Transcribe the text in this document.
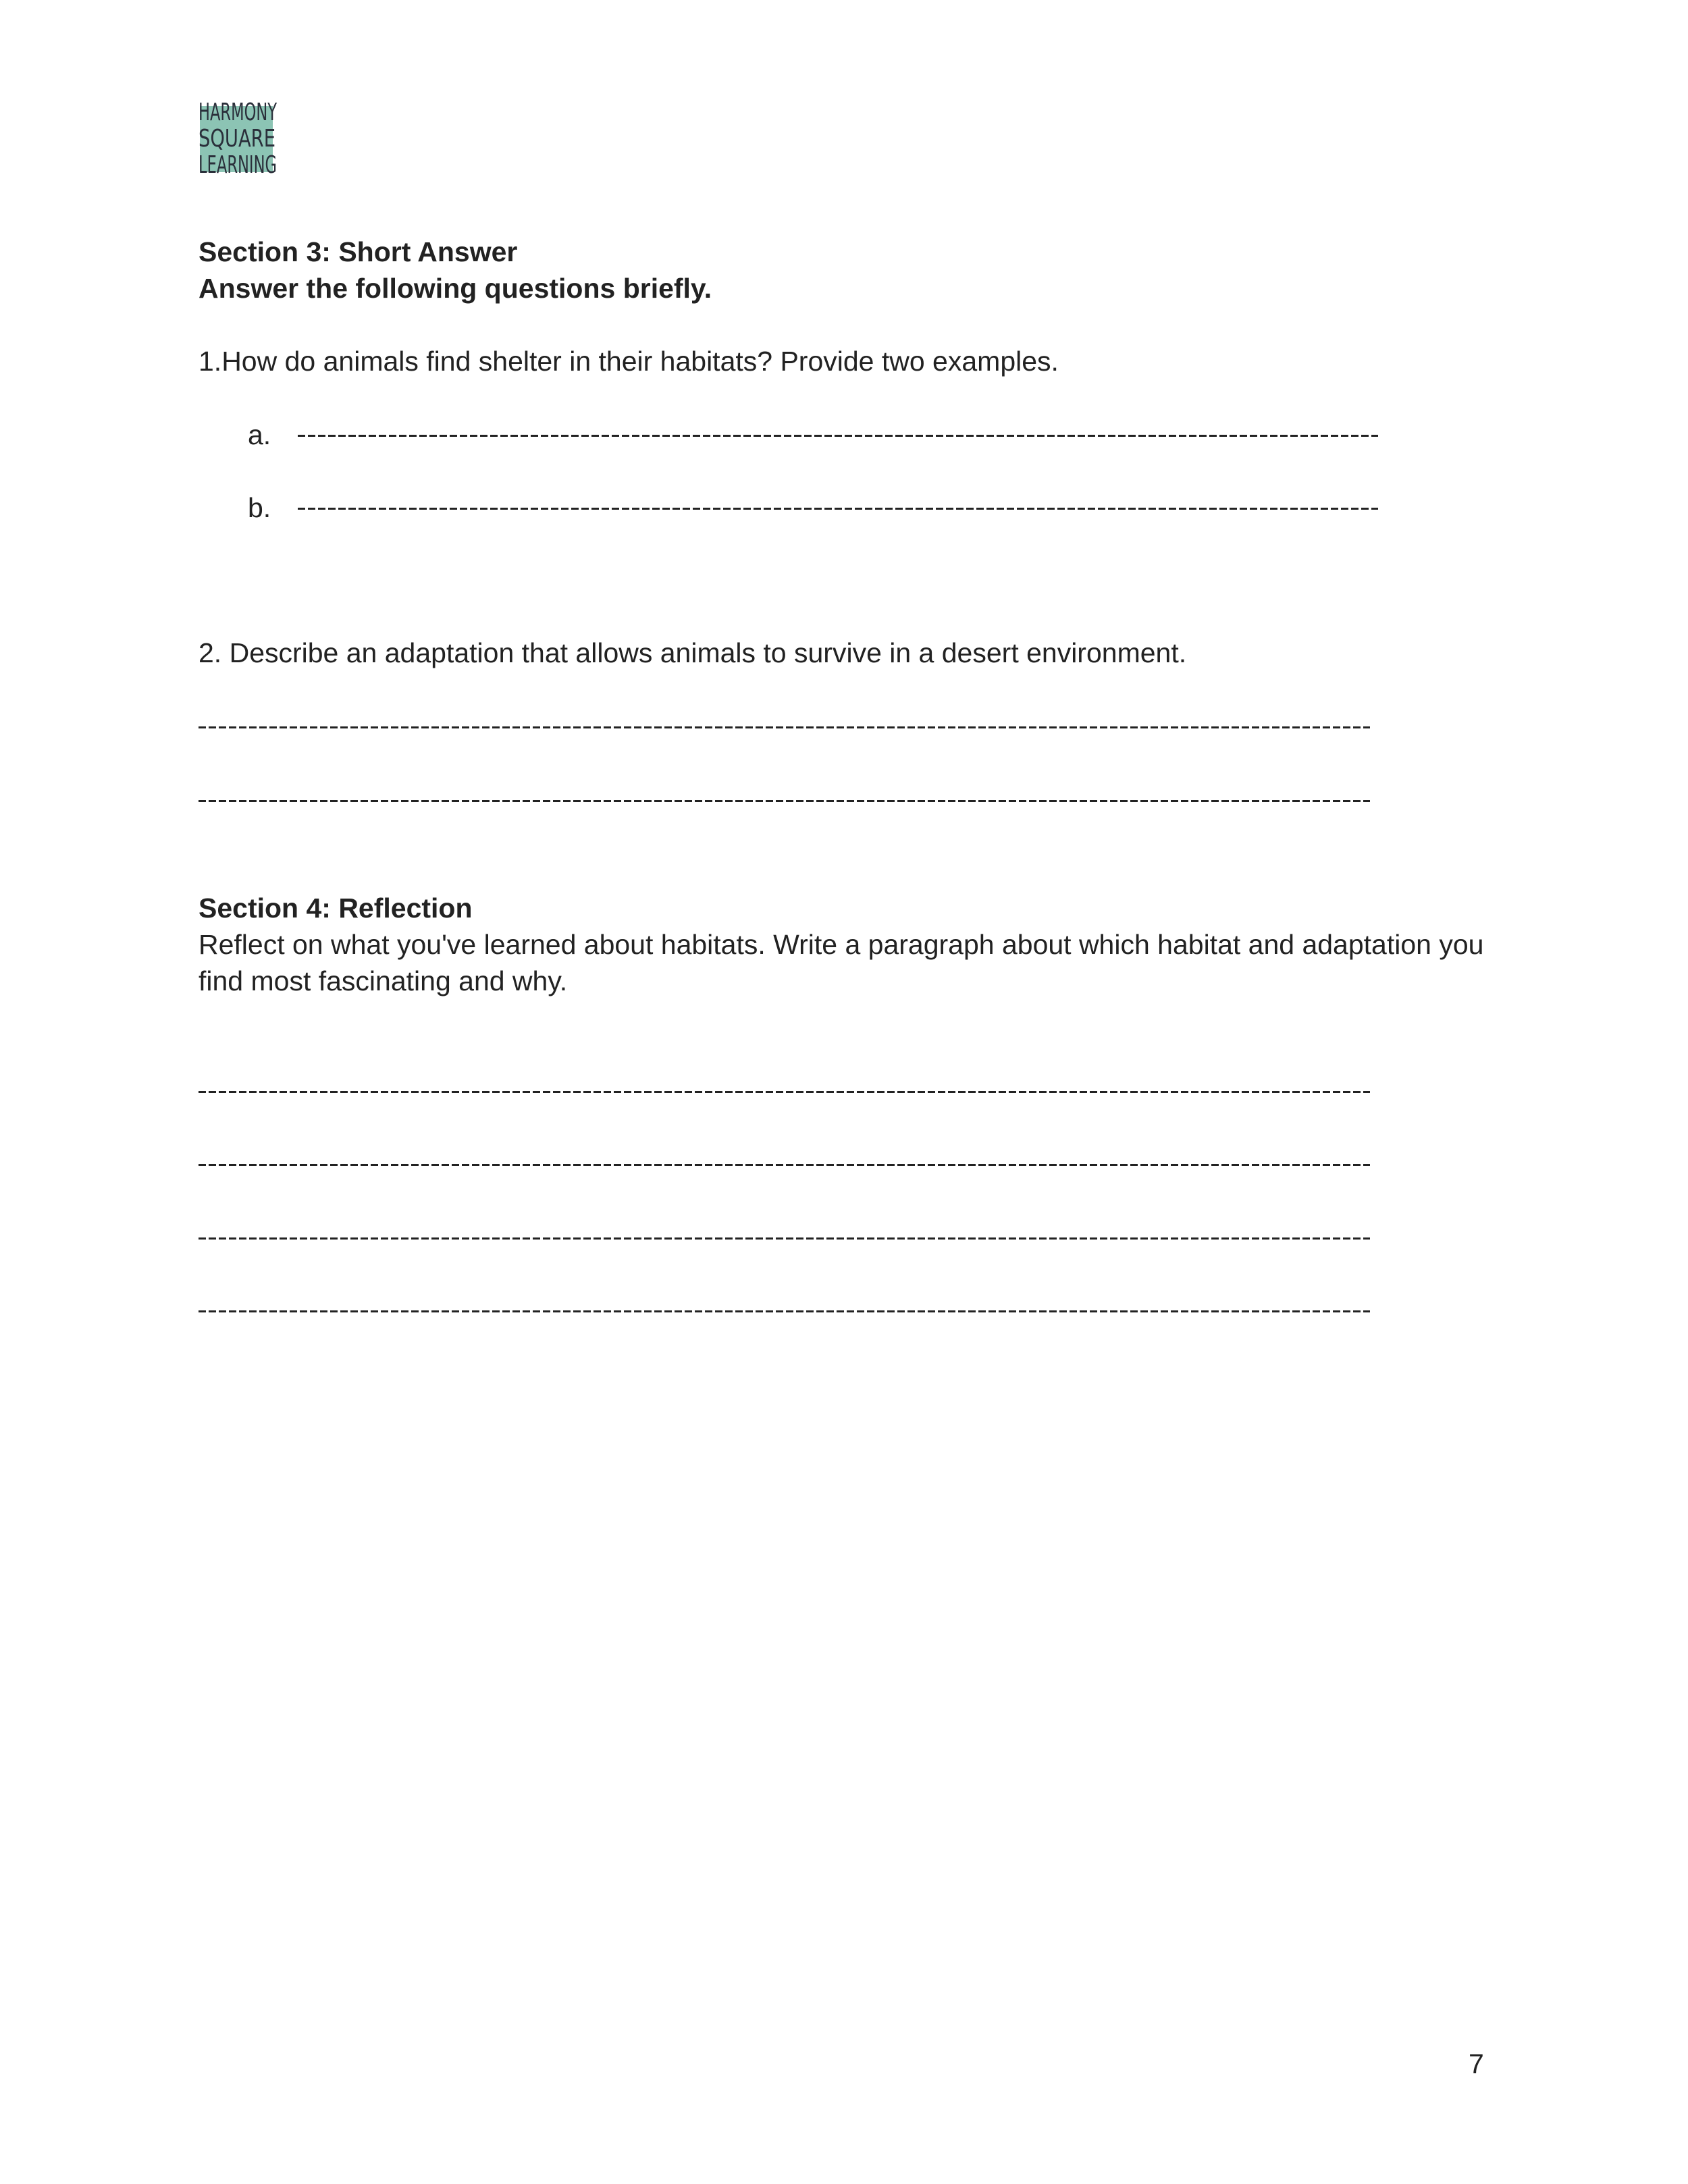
HARMONY
SQUARE
LEARNING
Section 3: Short Answer
Answer the following questions briefly.
1.How do animals find shelter in their habitats? Provide two examples.
a.
b.
2. Describe an adaptation that allows animals to survive in a desert environment.
Section 4: Reflection
Reflect on what you've learned about habitats. Write a paragraph about which habitat and adaptation you
find most fascinating and why.
7
